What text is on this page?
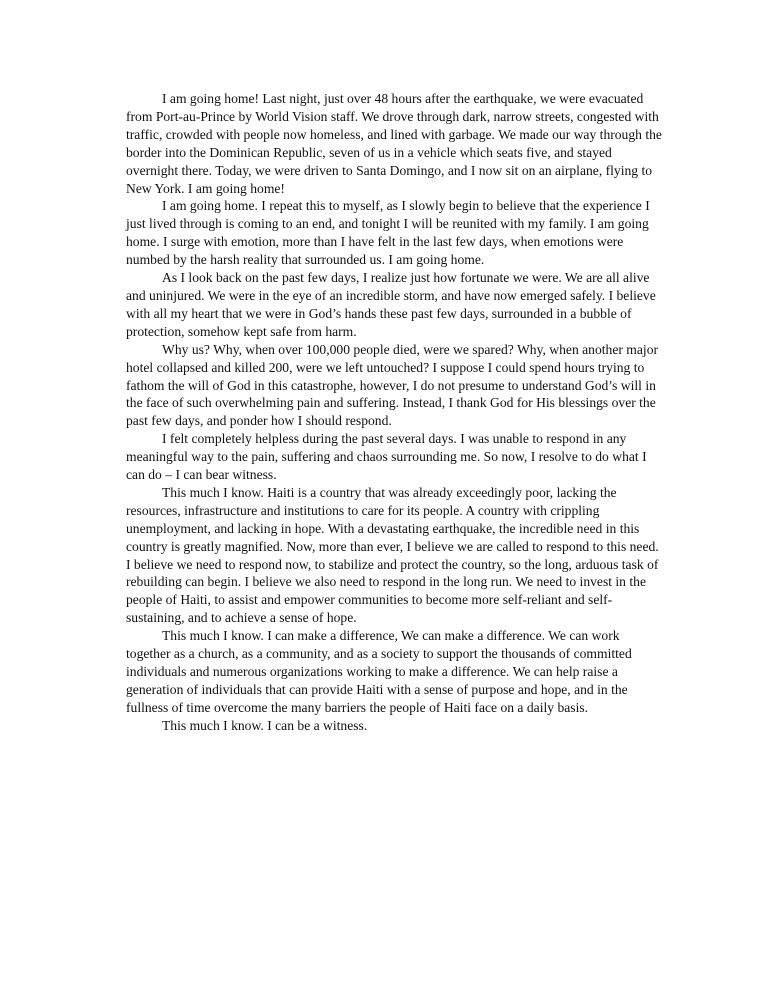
I am going home! Last night, just over 48 hours after the earthquake, we were evacuated from Port-au-Prince by World Vision staff. We drove through dark, narrow streets, congested with traffic, crowded with people now homeless, and lined with garbage. We made our way through the border into the Dominican Republic, seven of us in a vehicle which seats five, and stayed overnight there. Today, we were driven to Santa Domingo, and I now sit on an airplane, flying to New York. I am going home!

I am going home. I repeat this to myself, as I slowly begin to believe that the experience I just lived through is coming to an end, and tonight I will be reunited with my family. I am going home. I surge with emotion, more than I have felt in the last few days, when emotions were numbed by the harsh reality that surrounded us. I am going home.

As I look back on the past few days, I realize just how fortunate we were. We are all alive and uninjured. We were in the eye of an incredible storm, and have now emerged safely. I believe with all my heart that we were in God’s hands these past few days, surrounded in a bubble of protection, somehow kept safe from harm.

Why us? Why, when over 100,000 people died, were we spared? Why, when another major hotel collapsed and killed 200, were we left untouched? I suppose I could spend hours trying to fathom the will of God in this catastrophe, however, I do not presume to understand God’s will in the face of such overwhelming pain and suffering. Instead, I thank God for His blessings over the past few days, and ponder how I should respond.

I felt completely helpless during the past several days. I was unable to respond in any meaningful way to the pain, suffering and chaos surrounding me. So now, I resolve to do what I can do – I can bear witness.

This much I know. Haiti is a country that was already exceedingly poor, lacking the resources, infrastructure and institutions to care for its people. A country with crippling unemployment, and lacking in hope. With a devastating earthquake, the incredible need in this country is greatly magnified. Now, more than ever, I believe we are called to respond to this need. I believe we need to respond now, to stabilize and protect the country, so the long, arduous task of rebuilding can begin. I believe we also need to respond in the long run. We need to invest in the people of Haiti, to assist and empower communities to become more self-reliant and self-sustaining, and to achieve a sense of hope.

This much I know. I can make a difference, We can make a difference. We can work together as a church, as a community, and as a society to support the thousands of committed individuals and numerous organizations working to make a difference. We can help raise a generation of individuals that can provide Haiti with a sense of purpose and hope, and in the fullness of time overcome the many barriers the people of Haiti face on a daily basis.

This much I know. I can be a witness.
